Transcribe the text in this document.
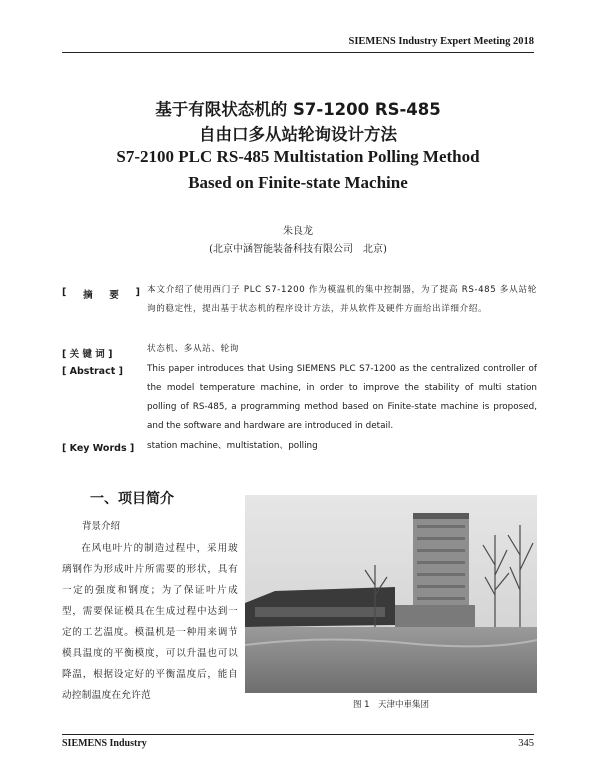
SIEMENS Industry Expert Meeting 2018
基于有限状态机的 S7-1200 RS-485
自由口多从站轮询设计方法
S7-2100 PLC RS-485 Multistation Polling Method
Based on Finite-state Machine
朱良龙
(北京中涵智能装备科技有限公司　北京)
[ 摘 要 ] 本文介绍了使用西门子 PLC S7-1200 作为模温机的集中控制器，为了提高 RS-485 多从站轮询的稳定性，提出基于状态机的程序设计方法，并从软件及硬件方面给出详细介绍。
[ 关 键 词 ]	状态机、多从站、轮询
[ Abstract ]	This paper introduces that Using SIEMENS PLC S7-1200 as the centralized controller of the model temperature machine, in order to improve the stability of multi station polling of RS-485, a programming method based on Finite-state machine is proposed, and the software and hardware are introduced in detail.
[ Key Words ]	station machine、multistation、polling
一、项目简介
背景介绍
在风电叶片的制造过程中，采用玻璃钢作为形成叶片所需要的形状，具有一定的强度和钢度；为了保证叶片成型，需要保证模具在生成过程中达到一定的工艺温度。模温机是一种用来调节模具温度的平衡模度，可以升温也可以降温，根据设定好的平衡温度后，能自动控制温度在允许范
图 1　天津中車集团
SIEMENS Industry	345
